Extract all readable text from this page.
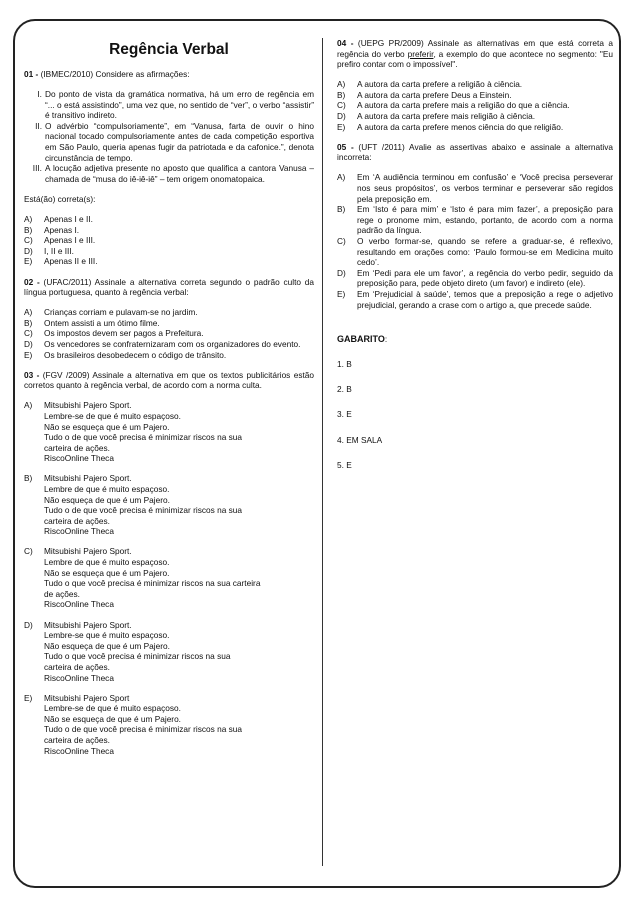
Regência Verbal

01 - (IBMEC/2010) Considere as afirmações:

I. Do ponto de vista da gramática normativa, há um erro de regência em “... o está assistindo”, uma vez que, no sentido de “ver”, o verbo “assistir” é transitivo indireto.
II. O advérbio “compulsoriamente”, em “Vanusa, farta de ouvir o hino nacional tocado compulsoriamente antes de cada competição esportiva em São Paulo, queria apenas fugir da patriotada e da cafonice.”, denota circunstância de tempo.
III. A locução adjetiva presente no aposto que qualifica a cantora Vanusa – chamada de “musa do iê-iê-iê” – tem origem onomatopaica.

Está(ão) correta(s):

A)	Apenas I e II.
B)	Apenas I.
C)	Apenas I e III.
D)	I, II e III.
E)	Apenas II e III.

02 - (UFAC/2011) Assinale a alternativa correta segundo o padrão culto da língua portuguesa, quanto à regência verbal:

A)	Crianças corriam e pulavam-se no jardim.
B)	Ontem assisti a um ótimo filme.
C)	Os impostos devem ser pagos a Prefeitura.
D)	Os vencedores se confraternizaram com os organizadores do evento.
E)	Os brasileiros desobedecem o código de trânsito.

03 - (FGV /2009) Assinale a alternativa em que os textos publicitários estão corretos quanto à regência verbal, de acordo com a norma culta.

A)	Mitsubishi Pajero Sport.
Lembre-se de que é muito espaçoso.
Não se esqueça que é um Pajero.
Tudo o de que você precisa é minimizar riscos na sua
carteira de ações.
RiscoOnline Theca
B)	Mitsubishi Pajero Sport.
Lembre de que é muito espaçoso.
Não esqueça de que é um Pajero.
Tudo o de que você precisa é minimizar riscos na sua
carteira de ações.
RiscoOnline Theca
C)	Mitsubishi Pajero Sport.
Lembre de que é muito espaçoso.
Não se esqueça que é um Pajero.
Tudo o que você precisa é minimizar riscos na sua carteira
de ações.
RiscoOnline Theca
D)	Mitsubishi Pajero Sport.
Lembre-se que é muito espaçoso.
Não esqueça de que é um Pajero.
Tudo o que você precisa é minimizar riscos na sua
carteira de ações.
RiscoOnline Theca
E)	Mitsubishi Pajero Sport
Lembre-se de que é muito espaçoso.
Não se esqueça de que é um Pajero.
Tudo o de que você precisa é minimizar riscos na sua
carteira de ações.
RiscoOnline Theca

04 - (UEPG PR/2009) Assinale as alternativas em que está correta a regência do verbo preferir, a exemplo do que acontece no segmento: "Eu prefiro contar com o impossível".

A)	A autora da carta prefere a religião à ciência.
B)	A autora da carta prefere Deus a Einstein.
C)	A autora da carta prefere mais a religião do que a ciência.
D)	A autora da carta prefere mais religião à ciência.
E)	A autora da carta prefere menos ciência do que religião.

05 - (UFT /2011) Avalie as assertivas abaixo e assinale a alternativa incorreta:

A)	Em ‘A audiência terminou em confusão’ e ‘Você precisa perseverar nos seus propósitos’, os verbos terminar e perseverar são regidos pela preposição em.
B)	Em ‘Isto é para mim’ e ‘Isto é para mim fazer’, a preposição para rege o pronome mim, estando, portanto, de acordo com a norma padrão da língua.
C)	O verbo formar-se, quando se refere a graduar-se, é reflexivo, resultando em orações como: ‘Paulo formou-se em Medicina muito cedo’.
D)	Em ‘Pedi para ele um favor’, a regência do verbo pedir, seguido da preposição para, pede objeto direto (um favor) e indireto (ele).
E)	Em ‘Prejudicial à saúde’, temos que a preposição a rege o adjetivo prejudicial, gerando a crase com o artigo a, que precede saúde.

GABARITO:

1. B

2. B

3. E

4. EM SALA

5. E
